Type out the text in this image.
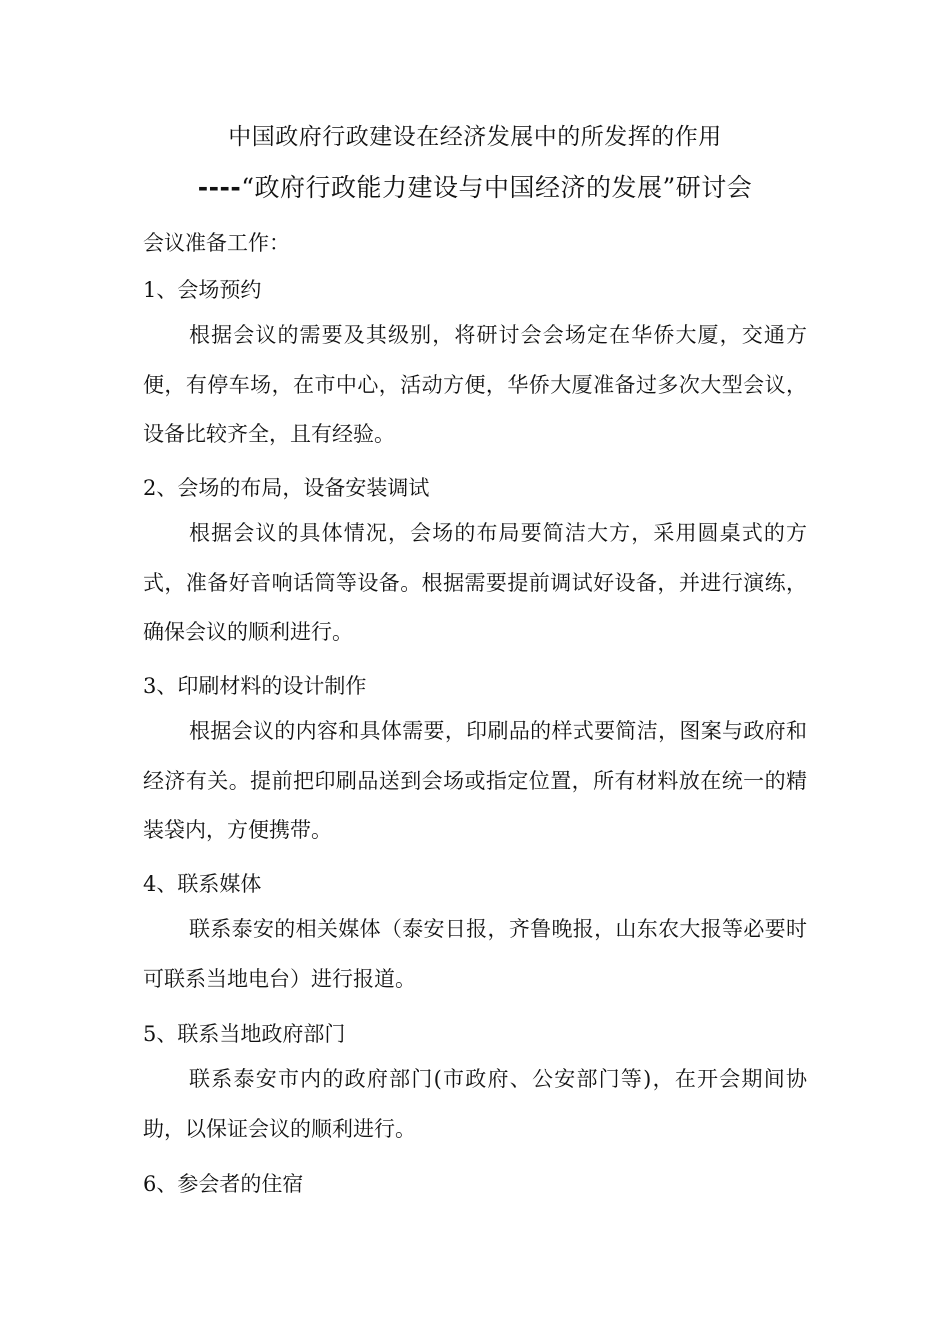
中国政府行政建设在经济发展中的所发挥的作用
----“政府行政能力建设与中国经济的发展”研讨会
会议准备工作：
1、会场预约
根据会议的需要及其级别，将研讨会会场定在华侨大厦，交通方便，有停车场，在市中心，活动方便，华侨大厦准备过多次大型会议，设备比较齐全，且有经验。
2、会场的布局，设备安装调试
根据会议的具体情况，会场的布局要简洁大方，采用圆桌式的方式，准备好音响话筒等设备。根据需要提前调试好设备，并进行演练，确保会议的顺利进行。
3、印刷材料的设计制作
根据会议的内容和具体需要，印刷品的样式要简洁，图案与政府和经济有关。提前把印刷品送到会场或指定位置，所有材料放在统一的精装袋内，方便携带。
4、联系媒体
联系泰安的相关媒体（泰安日报，齐鲁晚报，山东农大报等必要时可联系当地电台）进行报道。
5、联系当地政府部门
联系泰安市内的政府部门(市政府、公安部门等)，在开会期间协助，以保证会议的顺利进行。
6、参会者的住宿
